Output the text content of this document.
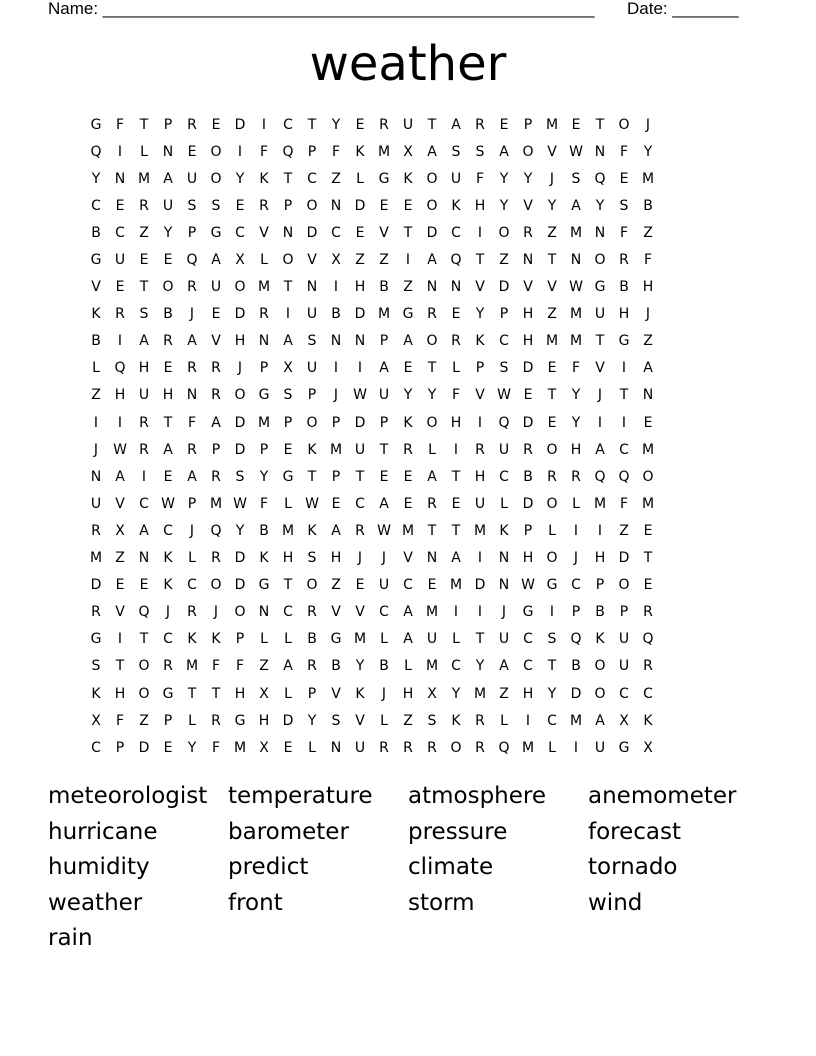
Name: ____________________________________________________ Date: _______
weather
G	F	T	P	R	E	D	I	C	T	Y	E	R	U	T	A	R	E	P M E	T	O	J
Q	I	L	N	E	O	I	F	Q	P	F	K M X	A	S	S	A O V W N	F	Y
Y	N M A	U O	Y	K	T	C	Z	L	G K O U	F	Y	Y	J	S	Q	E M
C	E	R	U	S	S	E	R	P	O N D	E	E	O K	H	Y	V	Y	A	Y	S	B
B	C	Z	Y	P	G C	V N D C	E	V	T	D C	I	O R	Z M N	F	Z
G U	E	E	Q A	X	L	O V	X	Z	Z	I	A Q	T	Z N	T	N O R	F
V	E	T	O R	U O M T	N	I	H B	Z N N V D V	V W G B H
K	R	S	B	J	E	D R	I	U	B D M G R	E	Y	P	H Z M U H	J
B	I	A	R	A	V H N A	S	N N	P	A O R	K	C H M M T	G Z
L	Q H	E	R	R	J	P	X	U	I	I	A	E	T	L	P	S	D	E	F	V	I	A
Z H U H N R O G	S	P	J	W U	Y	Y	F	V W E	T	Y	J	T	N
I	I	R	T	F	A D M P	O	P	D	P	K O H	I	Q D	E	Y	I	I	E
J	W R	A	R	P	D	P	E	K M U	T	R	L	I	R	U	R O H A	C M
N A	I	E	A	R	S	Y	G	T	P	T	E	E	A	T	H C	B	R	R Q Q O
U	V	C W P M W F	L W E	C	A	E	R	E	U	L	D O	L	M F M
R	X	A	C	J	Q	Y	B M K	A	R W M T	T M K	P	L	I	I	Z	E
M Z N	K	L	R D	K	H	S	H	J	J	V N A	I	N H O	J	H D	T
D	E	E	K	C O D G	T	O Z	E	U C	E M D N W G C	P	O	E
R	V Q	J	R	J	O N C	R	V	V	C	A M	I	I	J	G	I	P	B	P	R
G	I	T	C	K	K	P	L	L	B G M	L	A	U	L	T	U C	S	Q K	U Q
S	T	O R M F	F	Z	A	R	B	Y	B	L	M C	Y	A	C	T	B O U	R
K	H O G	T	T	H X	L	P	V	K	J	H X	Y M Z H	Y	D O C	C
X	F	Z	P	L	R G H D	Y	S	V	L	Z	S	K	R	L	I	C M A	X	K
C	P	D	E	Y	F M X	E	L	N U	R	R	R O R Q M	L	I	U G X
meteorologist temperature	atmosphere	anemometer
hurricane	barometer	pressure	forecast
humidity	predict	climate	tornado
weather	front	storm	wind
rain
